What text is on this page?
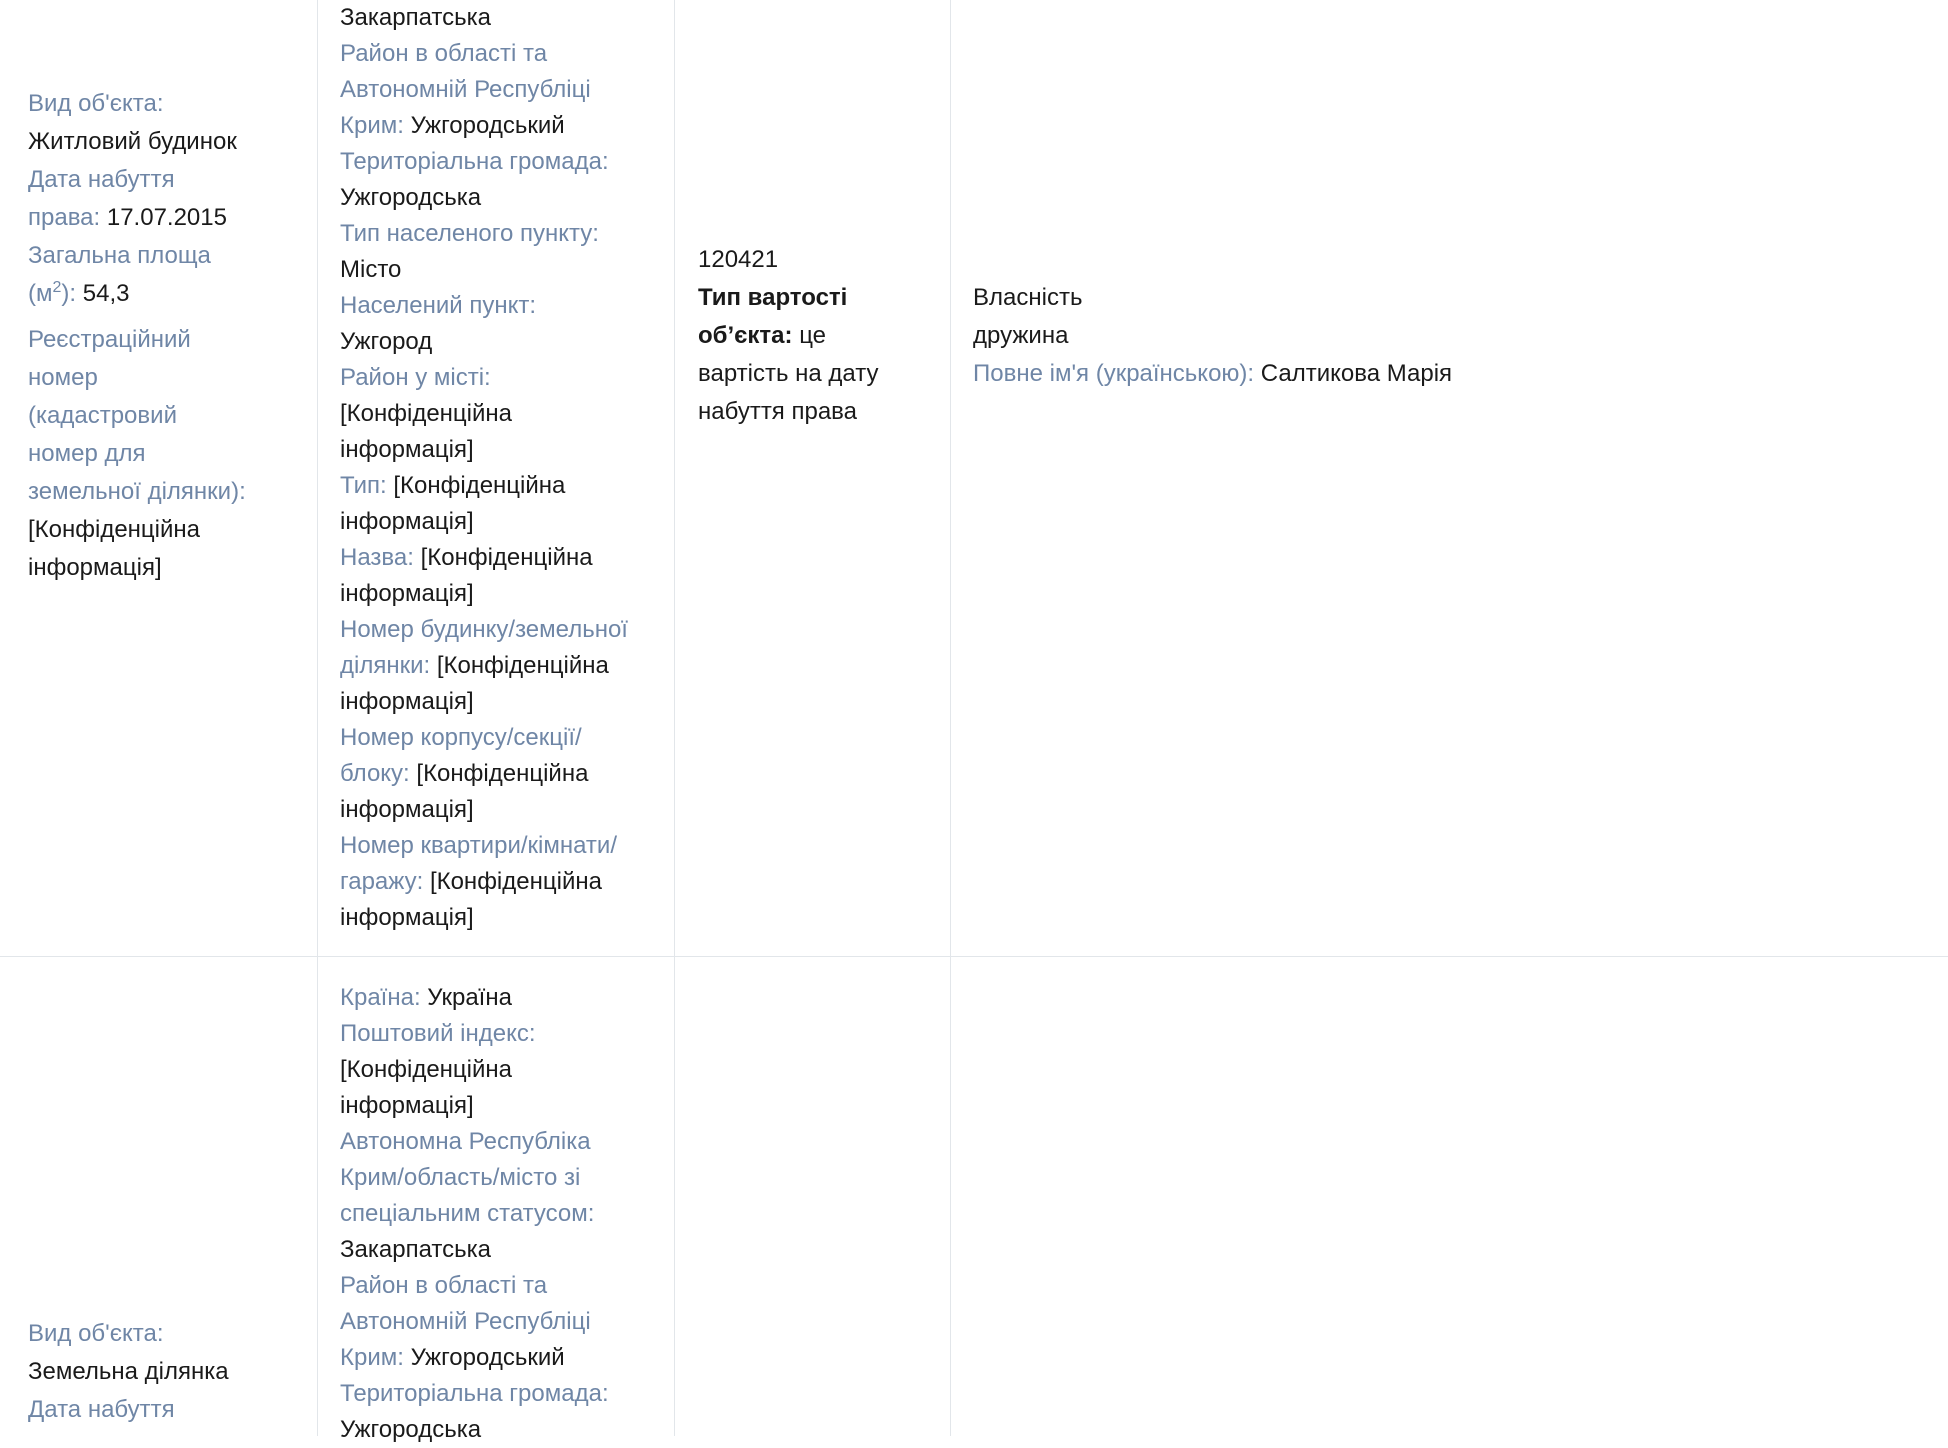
Вид об'єкта:
Житловий будинок
Дата набуття
права: 17.07.2015
Загальна площа
$(м^2)$: 54,3
Реєстраційний
номер
(кадастровий
номер для
земельної ділянки):
[Конфіденційна
інформація]
Закарпатська
Район в області та
Автономній Республіці
Крим: Ужгородський
Територіальна громада:
Ужгородська
Тип населеного пункту:
Місто
Населений пункт:
Ужгород
Район у місті:
[Конфіденційна
інформація]
Тип: [Конфіденційна
інформація]
Назва: [Конфіденційна
інформація]
Номер будинку/земельної
ділянки: [Конфіденційна
інформація]
Номер корпусу/секції/
блоку: [Конфіденційна
інформація]
Номер квартири/кімнати/
гаражу: [Конфіденційна
інформація]
120421
Тип вартості
об’єкта: це
вартість на дату
набуття права
Власність
дружина
Повне ім'я (українською): Салтикова Марія
Вид об'єкта:
Земельна ділянка
Дата набуття
Країна: Україна
Поштовий індекс:
[Конфіденційна
інформація]
Автономна Республіка
Крим/область/місто зі
спеціальним статусом:
Закарпатська
Район в області та
Автономній Республіці
Крим: Ужгородський
Територіальна громада:
Ужгородська
